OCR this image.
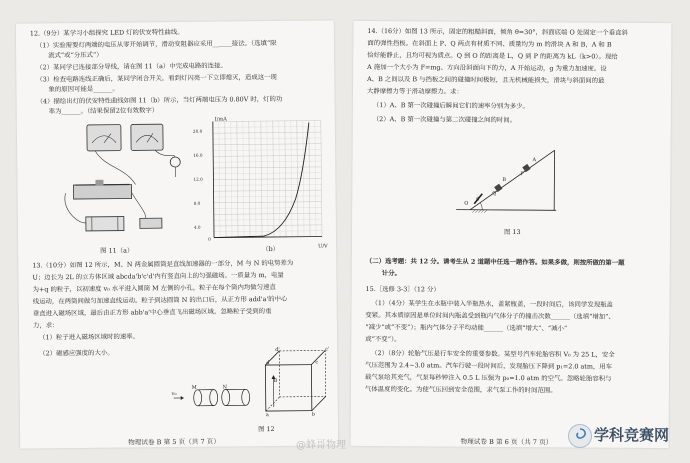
12.（9分）某学习小组探究 LED 灯的伏安特性曲线。
（1）实验需要灯两端的电压从零开始调节，滑动变阻器应采用______接法。（选填“限
流式”或“分压式”）
（2）某同学已连接部分导线，请在图 11（a）中完成电路的连接。
（3）检查电路连线正确后，某同学闭合开关，看到灯闪亮一下立即熄灭，造成这一现
象的原因可能是______。
（4）描绘出灯的伏安特性曲线如图 11（b）所示，当灯两端电压为 0.80V 时，灯的功
率为______。（结果保留2位有效数字）
图 11（a）
I/mA
U/V
20.0
16.0
12.0
8.0
4.0
0
（b）
13.（10分）如图 12 所示，M、N 两金属圆筒是直线加速器的一部分，M 与 N 的电势差为
U；边长为 2L 的立方体区域 abcda'b'c'd'内有竖直向上的匀强磁场。一质量为 m，电量
为+q 的粒子，以初速度 v₀ 水平进入圆筒 M 左侧的小孔。粒子在每个筒内均做匀速直
线运动，在两筒间做匀加速直线运动。粒子到达圆筒 N 的出口后，从正方形 add'a'的中心
垂直进入磁场区域，最后由正方形 abb'a'中心垂直飞出磁场区域。忽略粒子受到的重
力，求：
（1）粒子进入磁场区域时的速率。
（2）磁感应强度的大小。
M	N
v₀
d	c
d'	c'
a	b
B
图 12
物理试卷 B 第 5 页（共 7 页）
14.（16分）如图 13 所示，固定的粗糙斜面，倾角 θ=30°，斜面底端 O 处固定一个垂直斜
面的弹性挡板。在斜面上 P、Q 两点有材质不同、质量均为 m 的滑块 A 和 B，A 和 B
恰好能静止，且均可视为质点。Q 到 O 的距离是 L，Q 到 P 的距离为 kL（k>0）。现给
A 施加一个大小为 F=mg、方向沿斜面向下的力，A 开始运动，g 为重力加速度。设
A、B 之间以及 B 与挡板之间的碰撞时间极短，且无机械能损失，滑块与斜面间的最
大静摩擦力等于滑动摩擦力。求：
（1）A、B 第一次碰撞后瞬间它们的速率分别为多少。
（2）A、B 第一次碰撞与第二次碰撞之间的时间。
A
B
P
Q
O
θ
图 13
（二）选考题：共 12 分。请考生从 2 道题中任选一题作答。如果多做，则按所做的第一题
计分。
15.［选修 3-3］（12 分）
（1）（4分）某学生在水瓶中装入半瓶热水，盖紧瓶盖，一段时间后，该同学发现瓶盖
变紧。其本质原因是单位时间内瓶盖受到瓶内气体分子的撞击次数______（选填“增加”、
“减少”或“不变”）；瓶内气体分子平均动能______（选填“增大”、“减小”
或“不变”）。
（2）（8分）轮胎气压是行车安全的重要参数。某型号汽车轮胎容积 V₀ 为 25 L，安全
气压范围为 2.4~3.0 atm。汽车行驶一段时间后，发现胎压下降到 p₁=2.0 atm，用车
载气泵给其充气，气泵每秒钟注入 0.5 L 压强为 p₀=1.0 atm 的空气。忽略轮胎容积与
气体温度的变化。为使气压回到安全范围，求气泵工作的时间范围。
物理试卷 B 第 6 页（共 7 页）
@蜂哥物理
学科竞赛网
